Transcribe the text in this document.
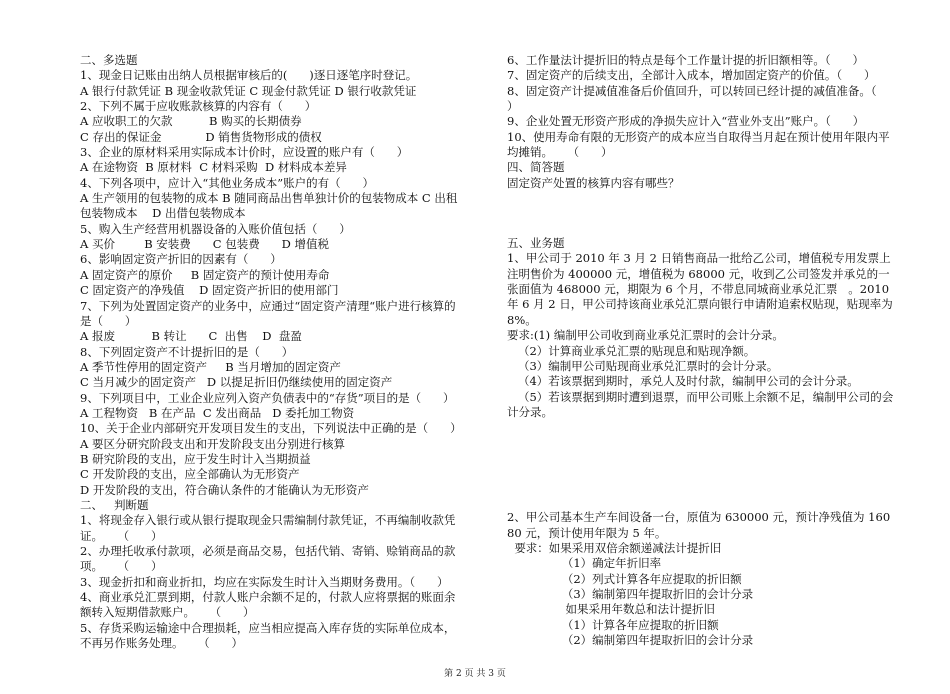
二、多选题
1、现金日记账由出纳人员根据审核后的(      )逐日逐笔序时登记。
A 银行付款凭证 B 现金收款凭证 C 现金付款凭证 D 银行收款凭证
2、下列不属于应收账款核算的内容有（      ）
A 应收职工的欠款          B 购买的长期债券
C 存出的保证金            D 销售货物形成的债权
3、企业的原材料采用实际成本计价时，应设置的账户有（      ）
A 在途物资  B 原材料  C 材料采购  D 材料成本差异
4、下列各项中，应计入“其他业务成本”账户的有（      ）
A 生产领用的包装物的成本 B 随同商品出售单独计价的包装物成本 C 出租包装物成本    D 出借包装物成本
5、购入生产经营用机器设备的入账价值包括（      ）
A 买价        B 安装费      C 包装费      D 增值税
6、影响固定资产折旧的因素有（      ）
A 固定资产的原价     B 固定资产的预计使用寿命
C 固定资产的净残值    D 固定资产折旧的使用部门
7、下列为处置固定资产的业务中，应通过“固定资产清理“账户进行核算的是（      ）
A 报废          B 转让      C  出售    D  盘盈
8、下列固定资产不计提折旧的是（      ）
A 季节性停用的固定资产     B 当月增加的固定资产
C 当月减少的固定资产   D 以提足折旧仍继续使用的固定资产
9、下列项目中，工业企业应列入资产负债表中的“存货”项目的是（      ）
A 工程物资   B 在产品  C 发出商品   D 委托加工物资
10、关于企业内部研究开发项目发生的支出，下列说法中正确的是（      ）
A 要区分研究阶段支出和开发阶段支出分别进行核算
B 研究阶段的支出，应于发生时计入当期损益
C 开发阶段的支出，应全部确认为无形资产
D 开发阶段的支出，符合确认条件的才能确认为无形资产
二、   判断题
1、将现金存入银行或从银行提取现金只需编制付款凭证，不再编制收款凭证。    （      ）
2、办理托收承付款项，必须是商品交易，包括代销、寄销、赊销商品的款项。    （      ）
3、现金折扣和商业折扣，均应在实际发生时计入当期财务费用。（      ）
4、商业承兑汇票到期，付款人账户余额不足的，付款人应将票据的账面余额转入短期借款账户。    （      ）
5、存货采购运输途中合理损耗，应当相应提高入库存货的实际单位成本，不再另作账务处理。    （      ）
6、工作量法计提折旧的特点是每个工作量计提的折旧额相等。（      ）
7、固定资产的后续支出，全部计入成本，增加固定资产的价值。（      ）
8、固定资产计提减值准备后价值回升，可以转回已经计提的减值准备。（      ）
9、企业处置无形资产形成的净损失应计入“营业外支出”账户。（      ）
10、使用寿命有限的无形资产的成本应当自取得当月起在预计使用年限内平均摊销。    （      ）
四、简答题
固定资产处置的核算内容有哪些？
五、业务题
1、甲公司于 2010 年 3 月 2 日销售商品一批给乙公司，增值税专用发票上注明售价为 400000 元，增值税为 68000 元，收到乙公司签发并承兑的一张面值为 468000 元，期限为 6 个月，不带息同城商业承兑汇票   。2010 年 6 月 2 日，甲公司持该商业承兑汇票向银行申请附追索权贴现，贴现率为 8%。
要求:(1) 编制甲公司收到商业承兑汇票时的会计分录。
（2）计算商业承兑汇票的贴现息和贴现净额。
（3）编制甲公司贴现商业承兑汇票时的会计分录。
（4）若该票据到期时，承兑人及时付款，编制甲公司的会计分录。
（5）若该票据到期时遭到退票，而甲公司账上余额不足，编制甲公司的会计分录。
2、甲公司基本生产车间设备一台，原值为 630000 元，预计净残值为 16080 元，预计使用年限为 5 年。
要求：如果采用双倍余额递减法计提折旧
（1）确定年折旧率
（2）列式计算各年应提取的折旧额
（3）编制第四年提取折旧的会计分录
如果采用年数总和法计提折旧
（1）计算各年应提取的折旧额
（2）编制第四年提取折旧的会计分录
第 2 页 共 3 页
